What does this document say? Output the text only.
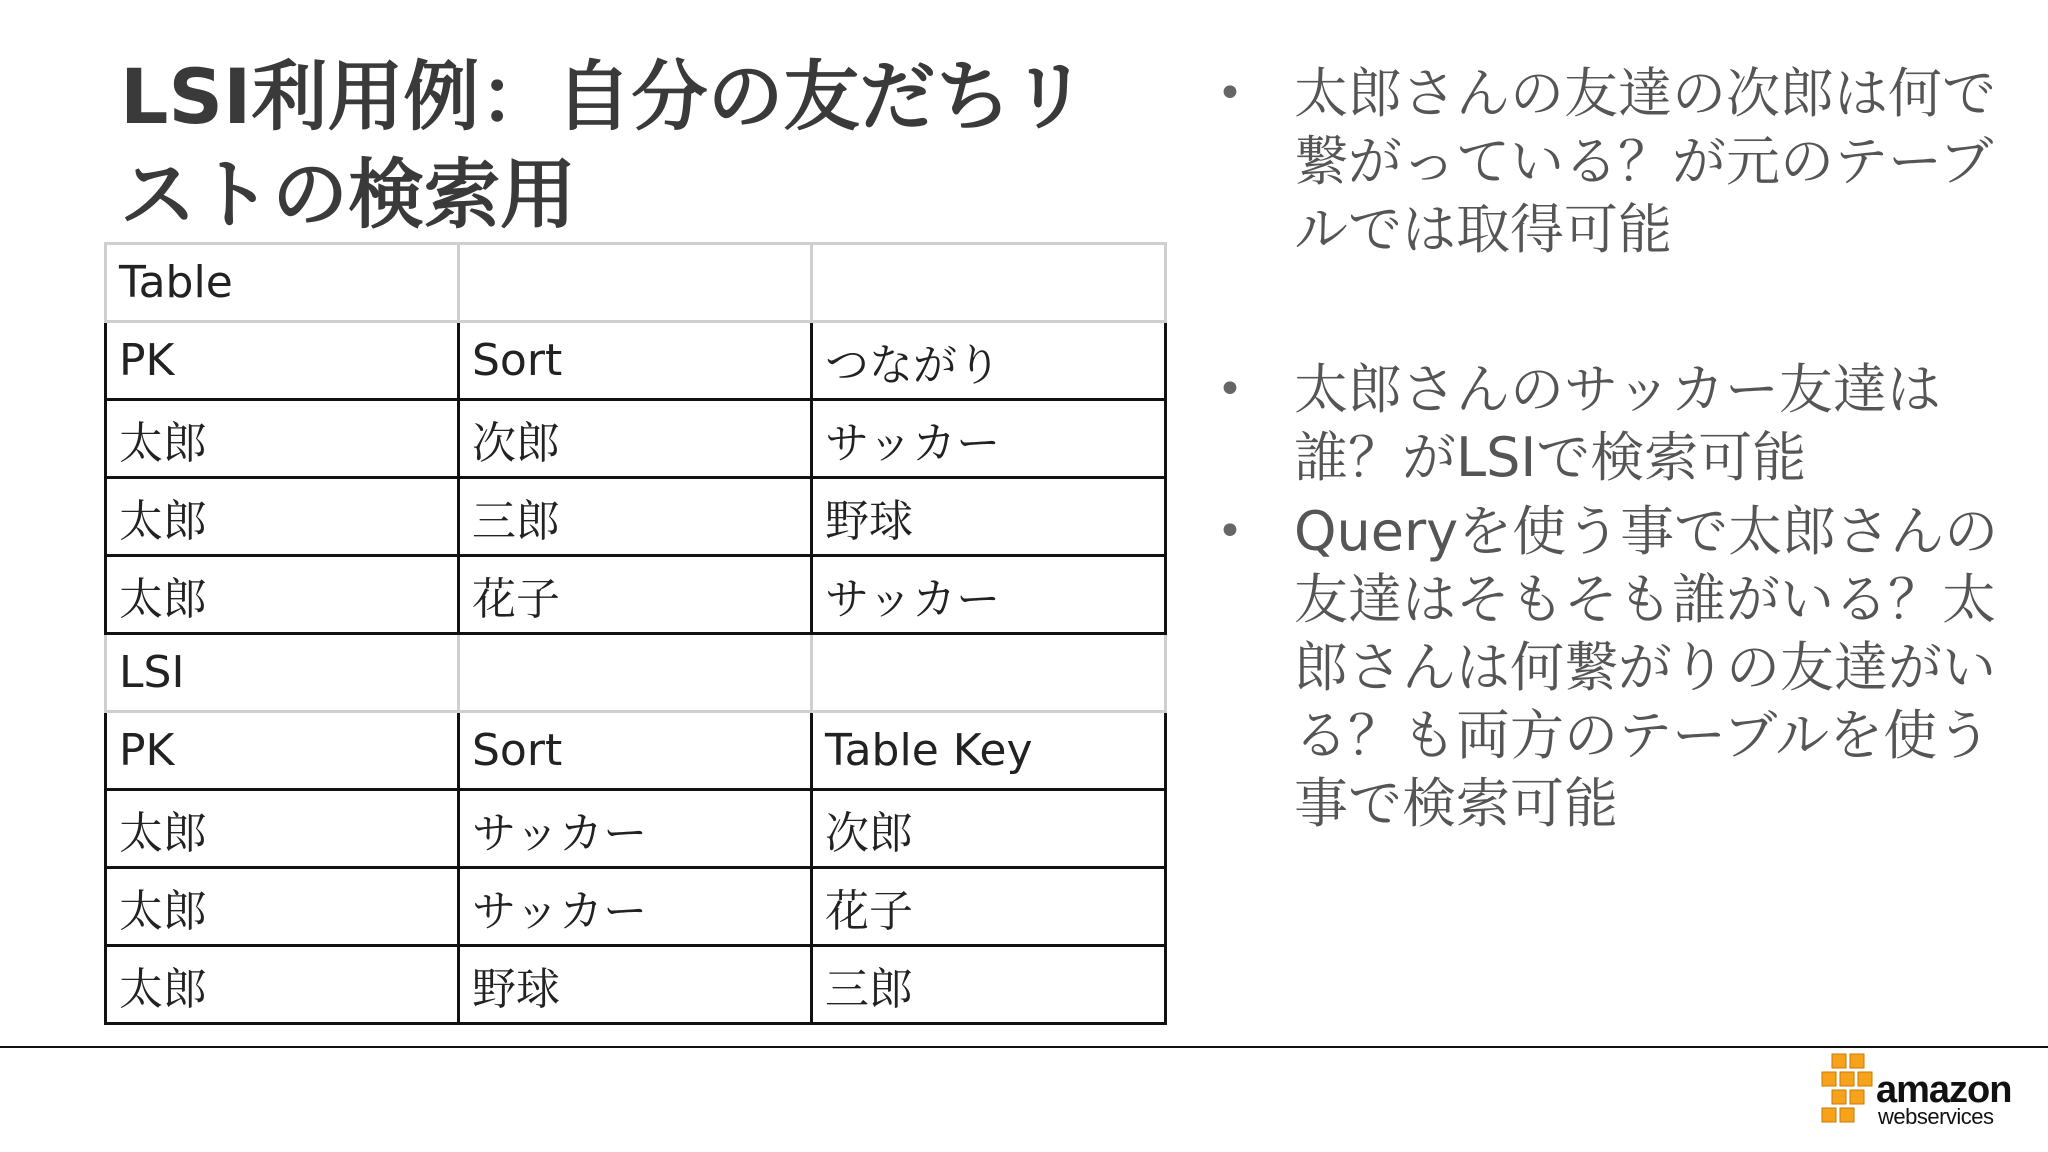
LSI利用例：自分の友だちリストの検索用
Table		
PK	Sort	つながり
太郎	次郎	サッカー
太郎	三郎	野球
太郎	花子	サッカー
LSI		
PK	Sort	Table Key
太郎	サッカー	次郎
太郎	サッカー	花子
太郎	野球	三郎
• 太郎さんの友達の次郎は何で繋がっている？が元のテーブルでは取得可能
• 太郎さんのサッカー友達は誰？がLSIで検索可能
• Queryを使う事で太郎さんの友達はそもそも誰がいる？太郎さんは何繋がりの友達がいる？も両方のテーブルを使う事で検索可能
amazon
webservices
